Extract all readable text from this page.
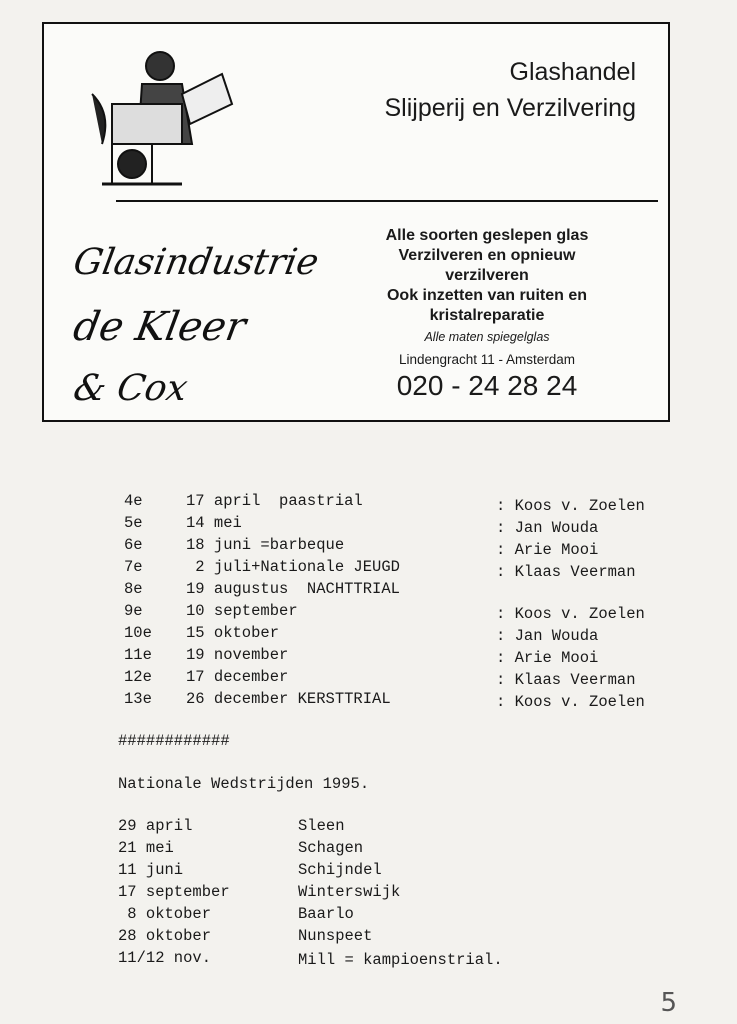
Glashandel
Slijperij en Verzilvering
Glasindustrie
de Kleer
& Cox
Alle soorten geslepen glas
Verzilveren en opnieuw
verzilveren
Ook inzetten van ruiten en
kristalreparatie
Alle maten spiegelglas
Lindengracht 11 - Amsterdam
020 - 24 28 24
4e	17 april  paastrial	: Koos v. Zoelen
5e	14 mei	: Jan Wouda
6e	18 juni =barbeque	: Arie Mooi
7e	2 juli+Nationale JEUGD	: Klaas Veerman
8e	19 augustus  NACHTTRIAL
9e	10 september	: Koos v. Zoelen
10e 15 oktober	: Jan Wouda
11e 19 november	: Arie Mooi
12e 17 december	: Klaas Veerman
13e 26 december KERSTTRIAL	: Koos v. Zoelen
############
Nationale Wedstrijden 1995.
29 april	Sleen
21 mei	Schagen
11 juni	Schijndel
17 september	Winterswijk
8 oktober	Baarlo
28 oktober	Nunspeet
11/12 nov.	Mill = kampioenstrial.
5
